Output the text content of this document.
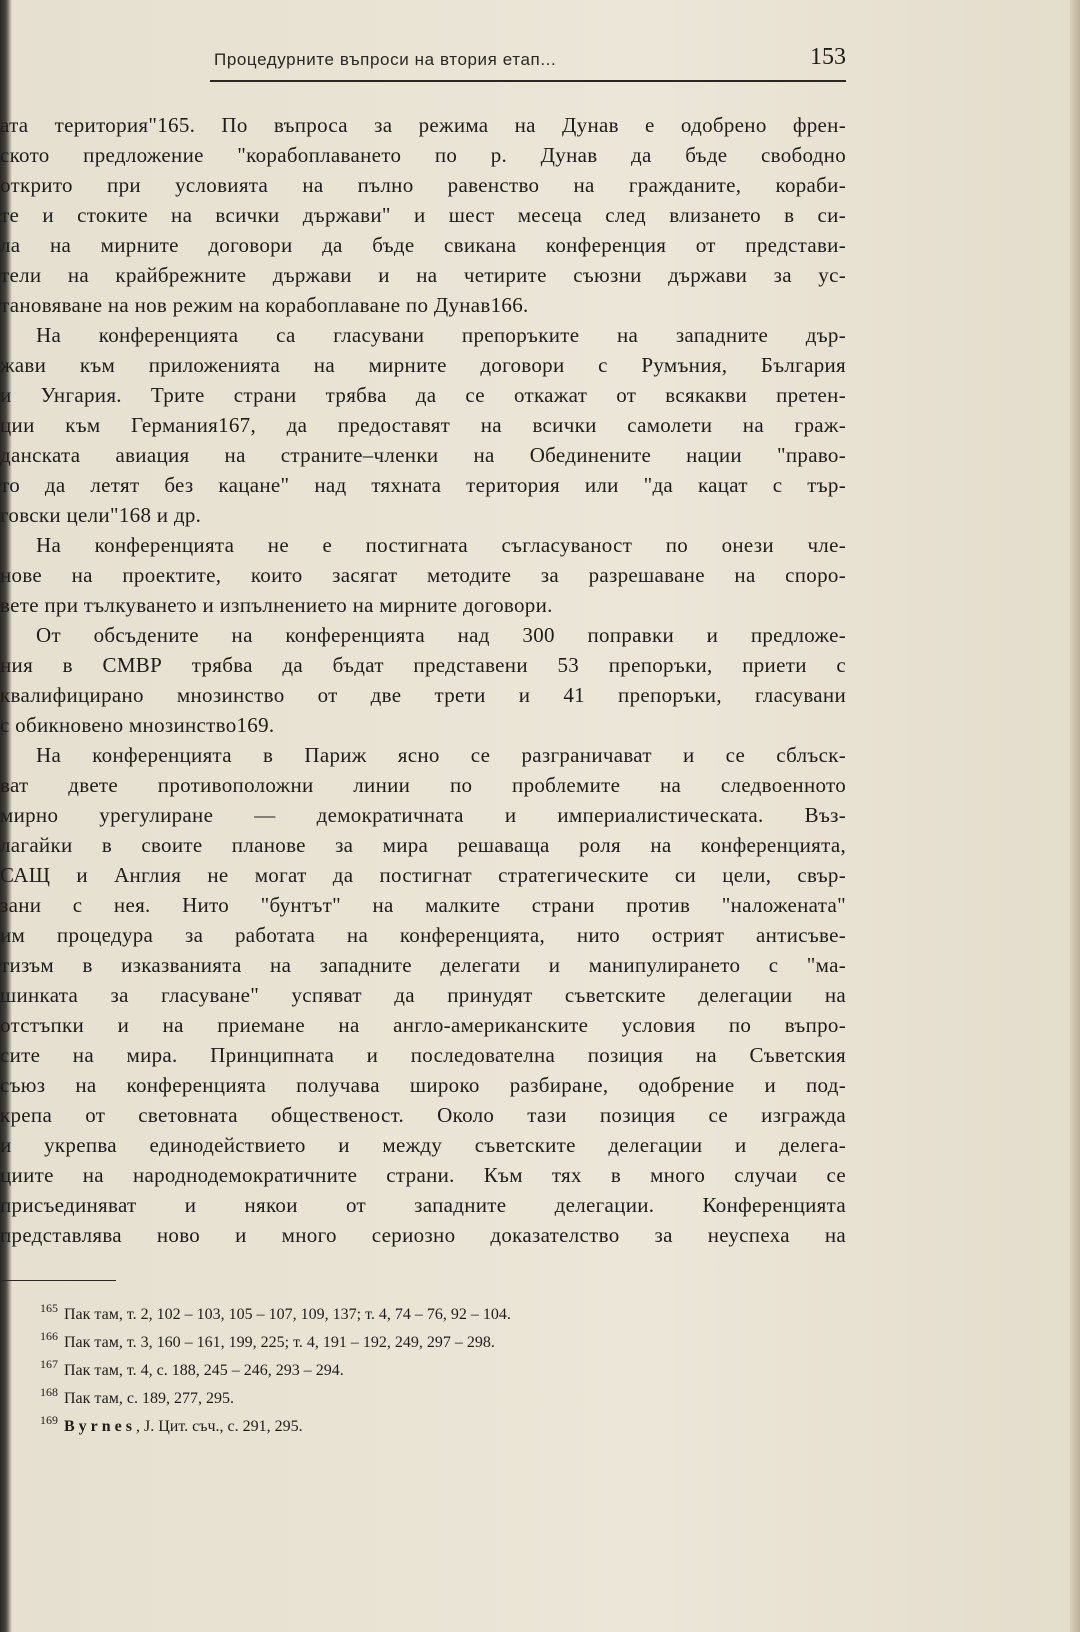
Процедурните въпроси на втория етап...	153
ата територия"165. По въпроса за режима на Дунав е одобрено френ-
ското предложение "корабоплаването по р. Дунав да бъде свободно
открито при условията на пълно равенство на гражданите, кораби-
те и стоките на всички държави" и шест месеца след влизането в си-
ла на мирните договори да бъде свикана конференция от представи-
тели на крайбрежните държави и на четирите съюзни държави за ус-
тановяване на нов режим на корабоплаване по Дунав166.
На конференцията са гласувани препоръките на западните дър-
жави към приложенията на мирните договори с Румъния, България
и Унгария. Трите страни трябва да се откажат от всякакви претен-
ции към Германия167, да предоставят на всички самолети на граж-
данската авиация на страните–членки на Обединените нации "право-
то да летят без кацане" над тяхната територия или "да кацат с тър-
говски цели"168 и др.
На конференцията не е постигната съгласуваност по онези чле-
нове на проектите, които засягат методите за разрешаване на споро-
вете при тълкуването и изпълнението на мирните договори.
От обсъдените на конференцията над 300 поправки и предложе-
ния в СМВР трябва да бъдат представени 53 препоръки, приети с
квалифицирано мнозинство от две трети и 41 препоръки, гласувани
с обикновено мнозинство169.
На конференцията в Париж ясно се разграничават и се сблъск-
ват двете противоположни линии по проблемите на следвоенното
мирно урегулиране — демократичната и империалистическата. Въз-
лагайки в своите планове за мира решаваща роля на конференцията,
САЩ и Англия не могат да постигнат стратегическите си цели, свър-
зани с нея. Нито "бунтът" на малките страни против "наложената"
им процедура за работата на конференцията, нито острият антисъве-
тизъм в изказванията на западните делегати и манипулирането с "ма-
шинката за гласуване" успяват да принудят съветските делегации на
отстъпки и на приемане на англо-американските условия по въпро-
сите на мира. Принципната и последователна позиция на Съветския
съюз на конференцията получава широко разбиране, одобрение и под-
крепа от световната общественост. Около тази позиция се изгражда
и укрепва единодействието и между съветските делегации и делега-
циите на народнодемократичните страни. Към тях в много случаи се
присъединяват и някои от западните делегации. Конференцията
представлява ново и много сериозно доказателство за неуспеха на
$^{165}$ Пак там, т. 2, 102 – 103, 105 – 107, 109, 137; т. 4, 74 – 76, 92 – 104.
$^{166}$ Пак там, т. 3, 160 – 161, 199, 225; т. 4, 191 – 192, 249, 297 – 298.
$^{167}$ Пак там, т. 4, с. 188, 245 – 246, 293 – 294.
$^{168}$ Пак там, с. 189, 277, 295.
$^{169}$ Byrnes, J. Цит. съч., с. 291, 295.
